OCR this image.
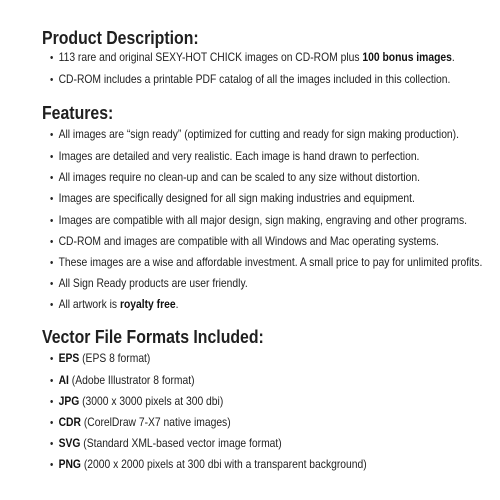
Product Description:
• 113 rare and original SEXY-HOT CHICK images on CD-ROM plus 100 bonus images.
• CD-ROM includes a printable PDF catalog of all the images included in this collection.
Features:
• All images are “sign ready” (optimized for cutting and ready for sign making production).
• Images are detailed and very realistic. Each image is hand drawn to perfection.
• All images require no clean-up and can be scaled to any size without distortion.
• Images are specifically designed for all sign making industries and equipment.
• Images are compatible with all major design, sign making, engraving and other programs.
• CD-ROM and images are compatible with all Windows and Mac operating systems.
• These images are a wise and affordable investment. A small price to pay for unlimited profits.
• All Sign Ready products are user friendly.
• All artwork is royalty free.
Vector File Formats Included:
• EPS (EPS 8 format)
• AI (Adobe Illustrator 8 format)
• JPG (3000 x 3000 pixels at 300 dbi)
• CDR (CorelDraw 7-X7 native images)
• SVG (Standard XML-based vector image format)
• PNG (2000 x 2000 pixels at 300 dbi with a transparent background)
